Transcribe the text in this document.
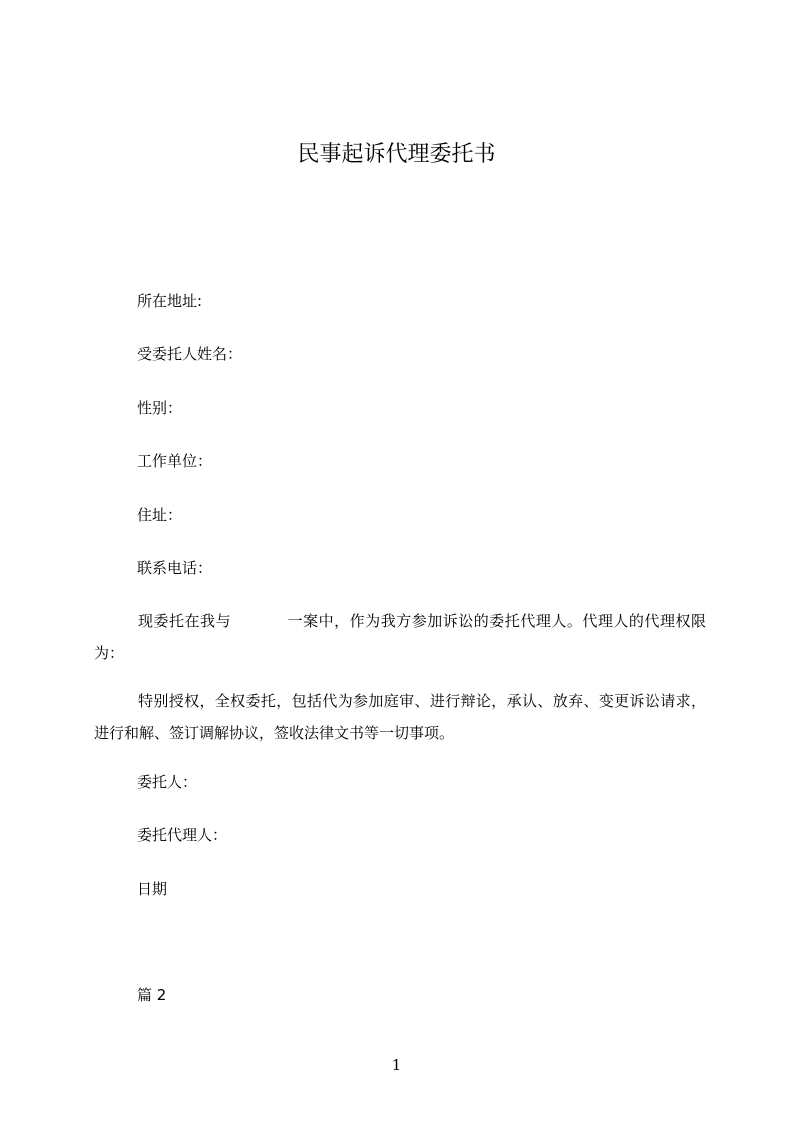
民事起诉代理委托书
所在地址:
受委托人姓名：
性别：
工作单位：
住址：
联系电话：
现委托在我与	一案中，作为我方参加诉讼的委托代理人。代理人的代理权限为：
特别授权，全权委托，包括代为参加庭审、进行辩论，承认、放弃、变更诉讼请求，进行和解、签订调解协议，签收法律文书等一切事项。
委托人：
委托代理人：
日期
篇 2
1
